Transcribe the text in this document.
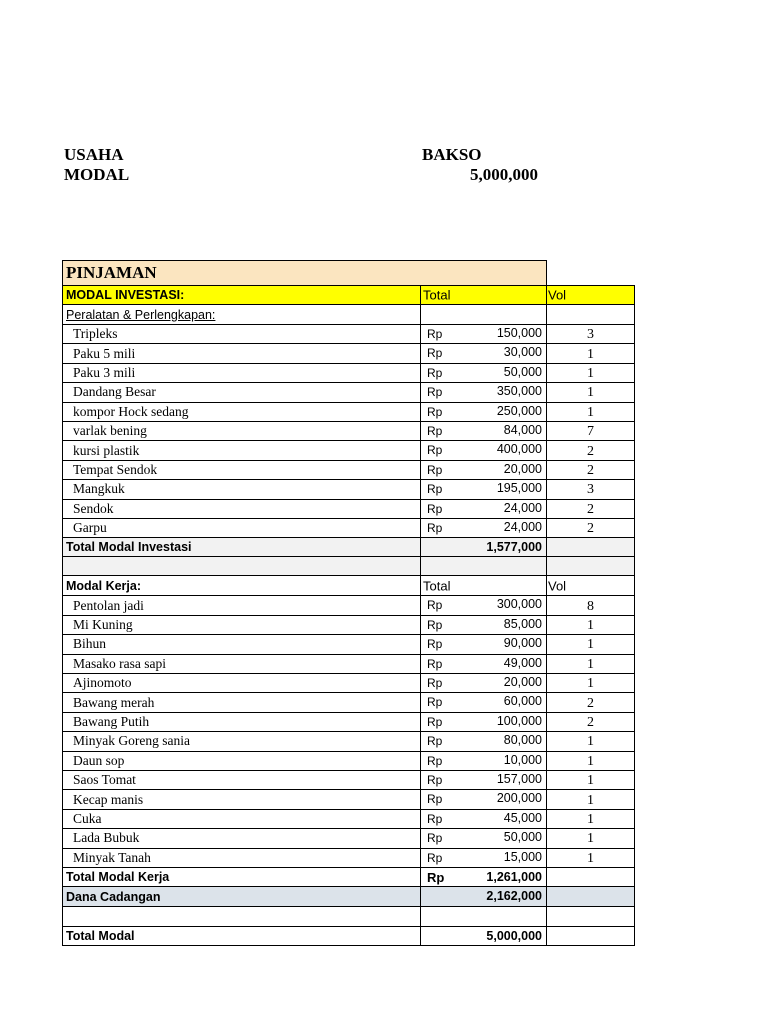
USAHA	BAKSO
MODAL	5,000,000
PINJAMAN
MODAL INVESTASI:	Total	Vol
Peralatan & Perlengkapan:
Tripleks	Rp	150,000	3
Paku 5 mili	Rp	30,000	1
Paku 3 mili	Rp	50,000	1
Dandang Besar	Rp	350,000	1
kompor Hock sedang	Rp	250,000	1
varlak bening	Rp	84,000	7
kursi plastik	Rp	400,000	2
Tempat Sendok	Rp	20,000	2
Mangkuk	Rp	195,000	3
Sendok	Rp	24,000	2
Garpu	Rp	24,000	2
Total Modal Investasi	1,577,000
Modal Kerja:	Total	Vol
Pentolan jadi	Rp	300,000	8
Mi Kuning	Rp	85,000	1
Bihun	Rp	90,000	1
Masako rasa sapi	Rp	49,000	1
Ajinomoto	Rp	20,000	1
Bawang merah	Rp	60,000	2
Bawang Putih	Rp	100,000	2
Minyak Goreng sania	Rp	80,000	1
Daun sop	Rp	10,000	1
Saos Tomat	Rp	157,000	1
Kecap manis	Rp	200,000	1
Cuka	Rp	45,000	1
Lada Bubuk	Rp	50,000	1
Minyak Tanah	Rp	15,000	1
Total Modal Kerja	Rp	1,261,000
Dana Cadangan	2,162,000
Total Modal	5,000,000
